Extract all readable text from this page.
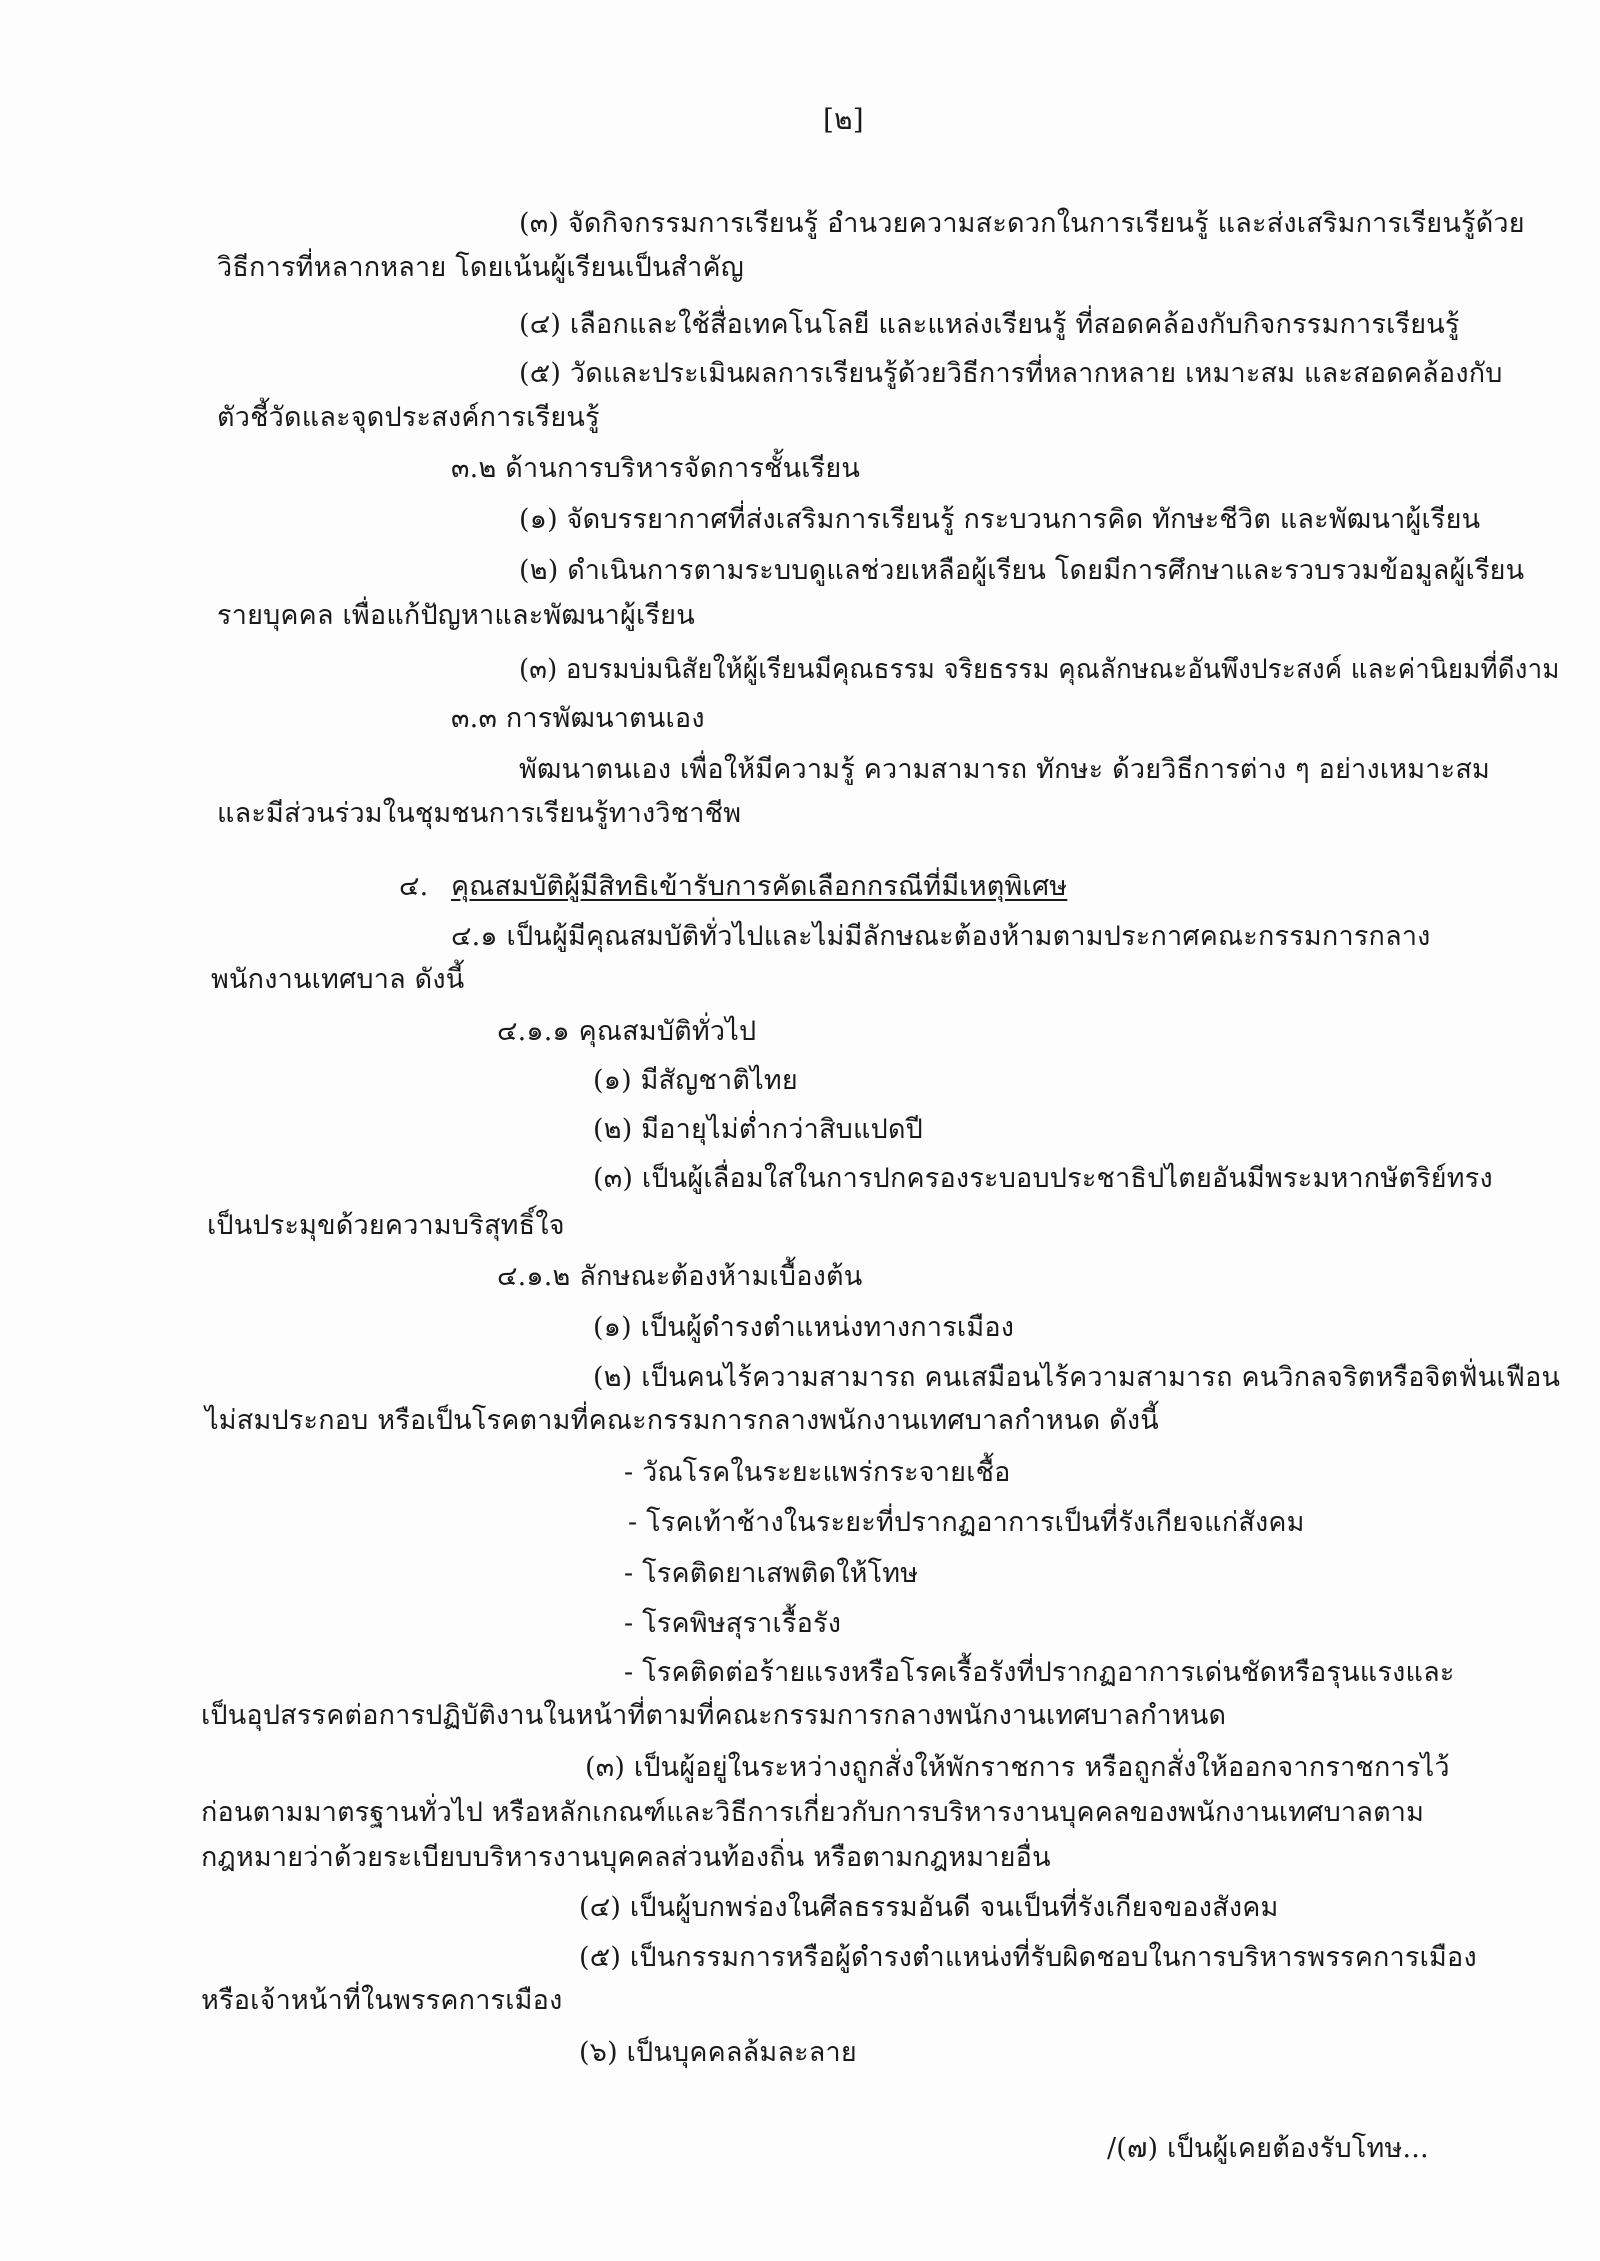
[๒]
(๓) จัดกิจกรรมการเรียนรู้ อำนวยความสะดวกในการเรียนรู้ และส่งเสริมการเรียนรู้ด้วย
วิธีการที่หลากหลาย โดยเน้นผู้เรียนเป็นสำคัญ
(๔) เลือกและใช้สื่อเทคโนโลยี และแหล่งเรียนรู้ ที่สอดคล้องกับกิจกรรมการเรียนรู้
(๕) วัดและประเมินผลการเรียนรู้ด้วยวิธีการที่หลากหลาย เหมาะสม และสอดคล้องกับ
ตัวชี้วัดและจุดประสงค์การเรียนรู้
๓.๒ ด้านการบริหารจัดการชั้นเรียน
(๑) จัดบรรยากาศที่ส่งเสริมการเรียนรู้ กระบวนการคิด ทักษะชีวิต และพัฒนาผู้เรียน
(๒) ดำเนินการตามระบบดูแลช่วยเหลือผู้เรียน โดยมีการศึกษาและรวบรวมข้อมูลผู้เรียน
รายบุคคล เพื่อแก้ปัญหาและพัฒนาผู้เรียน
(๓) อบรมบ่มนิสัยให้ผู้เรียนมีคุณธรรม จริยธรรม คุณลักษณะอันพึงประสงค์ และค่านิยมที่ดีงาม
๓.๓ การพัฒนาตนเอง
พัฒนาตนเอง เพื่อให้มีความรู้ ความสามารถ ทักษะ ด้วยวิธีการต่าง ๆ อย่างเหมาะสม
และมีส่วนร่วมในชุมชนการเรียนรู้ทางวิชาชีพ
๔. คุณสมบัติผู้มีสิทธิเข้ารับการคัดเลือกกรณีที่มีเหตุพิเศษ
๔.๑ เป็นผู้มีคุณสมบัติทั่วไปและไม่มีลักษณะต้องห้ามตามประกาศคณะกรรมการกลาง
พนักงานเทศบาล ดังนี้
๔.๑.๑ คุณสมบัติทั่วไป
(๑) มีสัญชาติไทย
(๒) มีอายุไม่ต่ำกว่าสิบแปดปี
(๓) เป็นผู้เลื่อมใสในการปกครองระบอบประชาธิปไตยอันมีพระมหากษัตริย์ทรง
เป็นประมุขด้วยความบริสุทธิ์ใจ
๔.๑.๒ ลักษณะต้องห้ามเบื้องต้น
(๑) เป็นผู้ดำรงตำแหน่งทางการเมือง
(๒) เป็นคนไร้ความสามารถ คนเสมือนไร้ความสามารถ คนวิกลจริตหรือจิตฟั่นเฟือน
ไม่สมประกอบ หรือเป็นโรคตามที่คณะกรรมการกลางพนักงานเทศบาลกำหนด ดังนี้
- วัณโรคในระยะแพร่กระจายเชื้อ
- โรคเท้าช้างในระยะที่ปรากฏอาการเป็นที่รังเกียจแก่สังคม
- โรคติดยาเสพติดให้โทษ
- โรคพิษสุราเรื้อรัง
- โรคติดต่อร้ายแรงหรือโรคเรื้อรังที่ปรากฏอาการเด่นชัดหรือรุนแรงและ
เป็นอุปสรรคต่อการปฏิบัติงานในหน้าที่ตามที่คณะกรรมการกลางพนักงานเทศบาลกำหนด
(๓) เป็นผู้อยู่ในระหว่างถูกสั่งให้พักราชการ หรือถูกสั่งให้ออกจากราชการไว้
ก่อนตามมาตรฐานทั่วไป หรือหลักเกณฑ์และวิธีการเกี่ยวกับการบริหารงานบุคคลของพนักงานเทศบาลตาม
กฎหมายว่าด้วยระเบียบบริหารงานบุคคลส่วนท้องถิ่น หรือตามกฎหมายอื่น
(๔) เป็นผู้บกพร่องในศีลธรรมอันดี จนเป็นที่รังเกียจของสังคม
(๕) เป็นกรรมการหรือผู้ดำรงตำแหน่งที่รับผิดชอบในการบริหารพรรคการเมือง
หรือเจ้าหน้าที่ในพรรคการเมือง
(๖) เป็นบุคคลล้มละลาย
/(๗) เป็นผู้เคยต้องรับโทษ...
